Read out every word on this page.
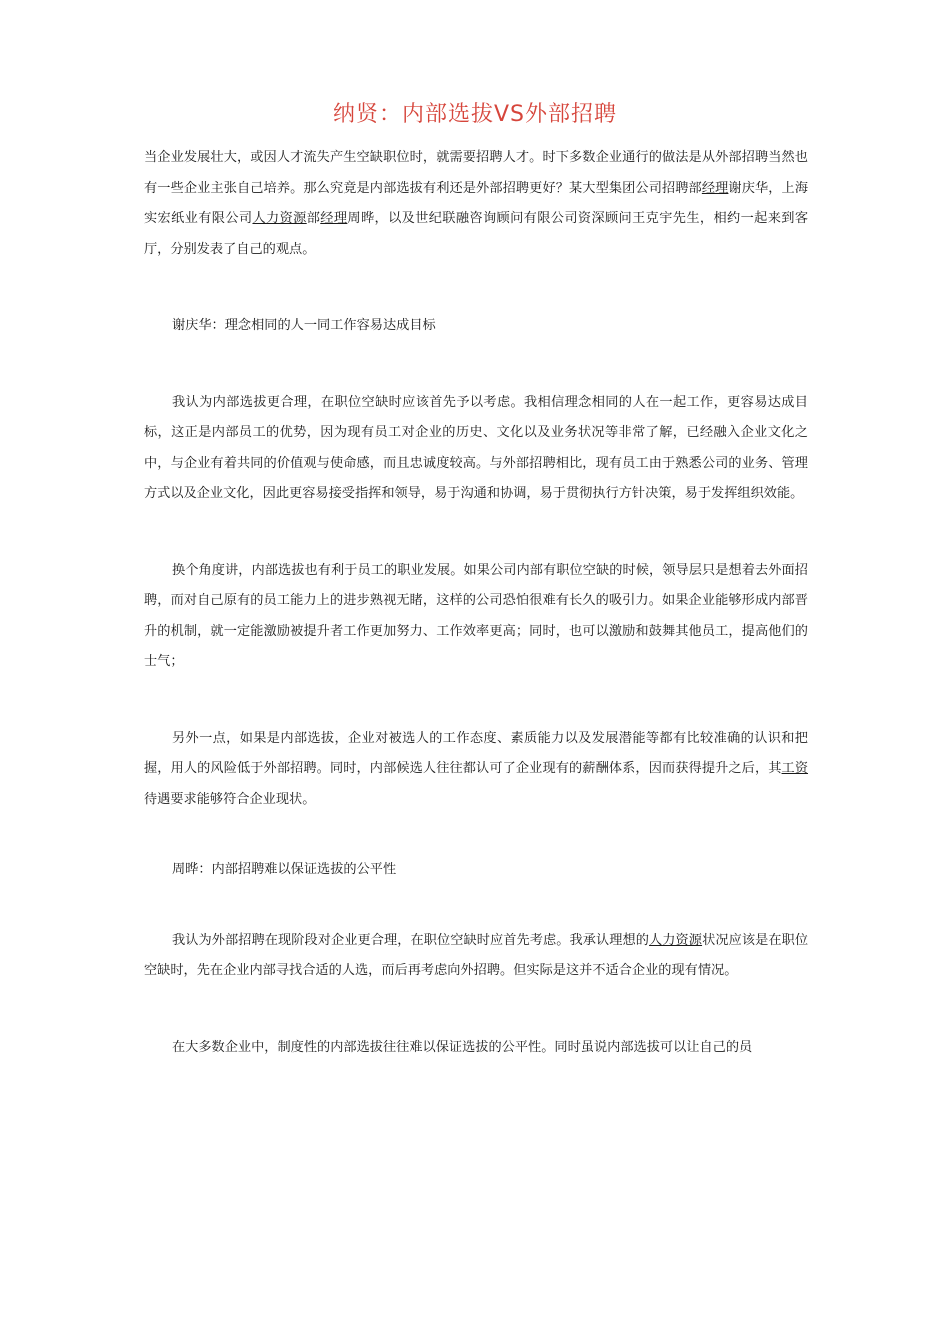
纳贤：内部选拔VS外部招聘

当企业发展壮大，或因人才流失产生空缺职位时，就需要招聘人才。时下多数企业通行的做法是从外部招聘当然也有一些企业主张自己培养。那么究竟是内部选拔有利还是外部招聘更好？某大型集团公司招聘部经理谢庆华，上海实宏纸业有限公司人力资源部经理周晔，以及世纪联融咨询顾问有限公司资深顾问王克宇先生，相约一起来到客厅，分别发表了自己的观点。

谢庆华：理念相同的人一同工作容易达成目标

我认为内部选拔更合理，在职位空缺时应该首先予以考虑。我相信理念相同的人在一起工作，更容易达成目标，这正是内部员工的优势，因为现有员工对企业的历史、文化以及业务状况等非常了解，已经融入企业文化之中，与企业有着共同的价值观与使命感，而且忠诚度较高。与外部招聘相比，现有员工由于熟悉公司的业务、管理方式以及企业文化，因此更容易接受指挥和领导，易于沟通和协调，易于贯彻执行方针决策，易于发挥组织效能。

换个角度讲，内部选拔也有利于员工的职业发展。如果公司内部有职位空缺的时候，领导层只是想着去外面招聘，而对自己原有的员工能力上的进步熟视无睹，这样的公司恐怕很难有长久的吸引力。如果企业能够形成内部晋升的机制，就一定能激励被提升者工作更加努力、工作效率更高；同时，也可以激励和鼓舞其他员工，提高他们的士气；

另外一点，如果是内部选拔，企业对被选人的工作态度、素质能力以及发展潜能等都有比较准确的认识和把握，用人的风险低于外部招聘。同时，内部候选人往往都认可了企业现有的薪酬体系，因而获得提升之后，其工资待遇要求能够符合企业现状。

周晔：内部招聘难以保证选拔的公平性

我认为外部招聘在现阶段对企业更合理，在职位空缺时应首先考虑。我承认理想的人力资源状况应该是在职位空缺时，先在企业内部寻找合适的人选，而后再考虑向外招聘。但实际是这并不适合企业的现有情况。

在大多数企业中，制度性的内部选拔往往难以保证选拔的公平性。同时虽说内部选拔可以让自己的员
